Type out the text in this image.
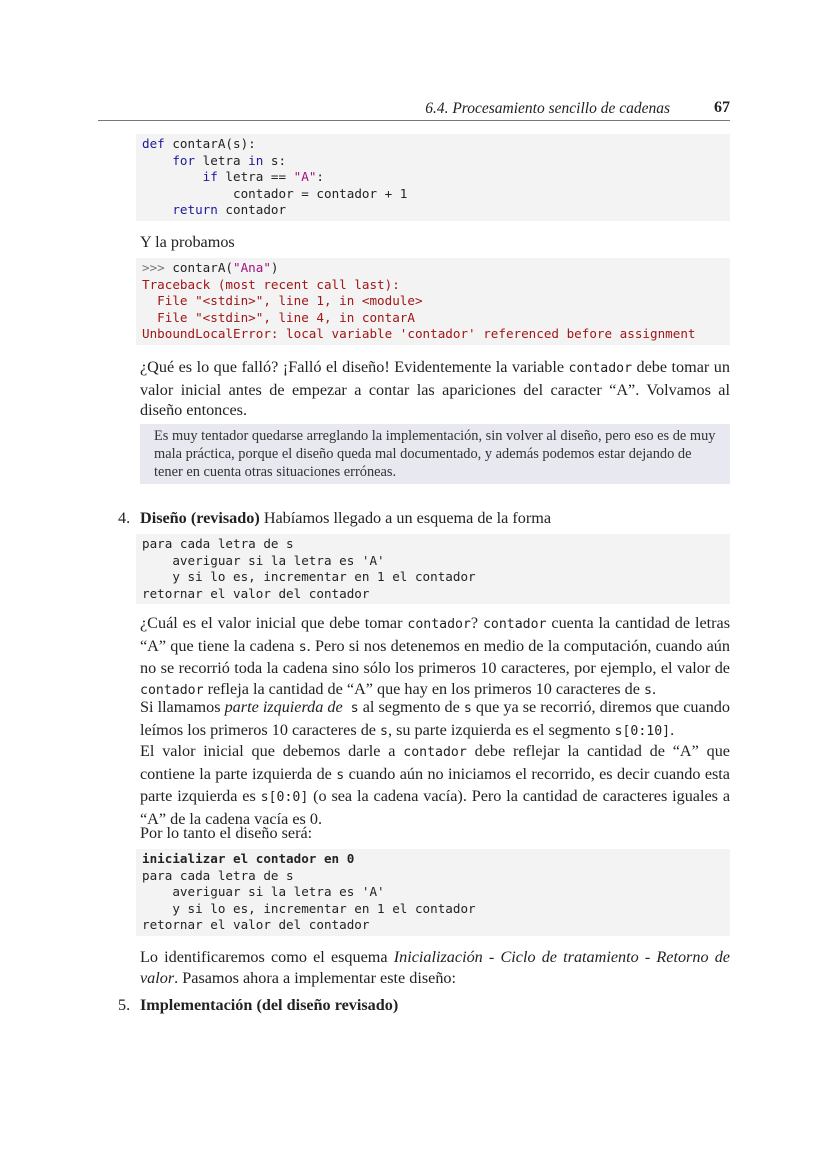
6.4. Procesamiento sencillo de cadenas	67
def contarA(s):
for letra in s:
if letra == "A":
contador = contador + 1
return contador

Y la probamos

>>> contarA("Ana")
Traceback (most recent call last):
File "<stdin>", line 1, in <module>
File "<stdin>", line 4, in contarA
UnboundLocalError: local variable 'contador' referenced before assignment

¿Qué es lo que falló? ¡Falló el diseño! Evidentemente la variable contador debe tomar un valor inicial antes de empezar a contar las apariciones del caracter “A”. Volvamos al diseño entonces.

Es muy tentador quedarse arreglando la implementación, sin volver al diseño, pero eso es de muy mala práctica, porque el diseño queda mal documentado, y además podemos estar dejando de tener en cuenta otras situaciones erróneas.
4. Diseño (revisado) Habíamos llegado a un esquema de la forma
para cada letra de s
averiguar si la letra es 'A'
y si lo es, incrementar en 1 el contador
retornar el valor del contador

¿Cuál es el valor inicial que debe tomar contador? contador cuenta la cantidad de letras “A” que tiene la cadena s. Pero si nos detenemos en medio de la computación, cuando aún no se recorrió toda la cadena sino sólo los primeros 10 caracteres, por ejemplo, el valor de contador refleja la cantidad de “A” que hay en los primeros 10 caracteres de s.

Si llamamos parte izquierda de s al segmento de s que ya se recorrió, diremos que cuando leímos los primeros 10 caracteres de s, su parte izquierda es el segmento s[0:10].

El valor inicial que debemos darle a contador debe reflejar la cantidad de “A” que contiene la parte izquierda de s cuando aún no iniciamos el recorrido, es decir cuando esta parte izquierda es s[0:0] (o sea la cadena vacía). Pero la cantidad de caracteres iguales a “A” de la cadena vacía es 0.

Por lo tanto el diseño será:

inicializar el contador en 0
para cada letra de s
averiguar si la letra es 'A'
y si lo es, incrementar en 1 el contador
retornar el valor del contador

Lo identificaremos como el esquema Inicialización - Ciclo de tratamiento - Retorno de valor. Pasamos ahora a implementar este diseño:

5. Implementación (del diseño revisado)
